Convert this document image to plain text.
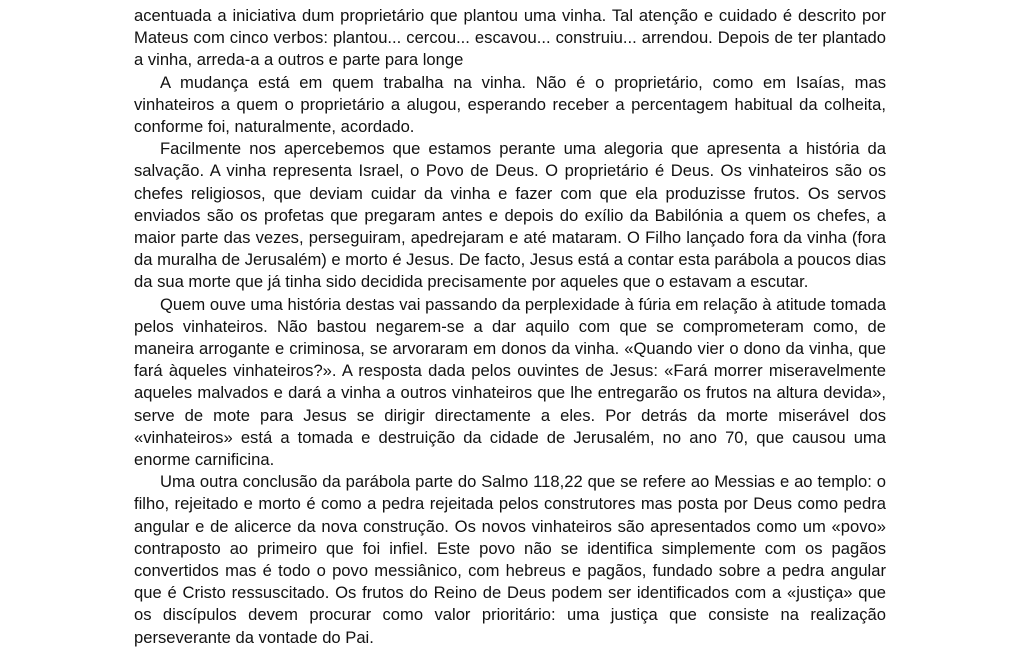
acentuada a iniciativa dum proprietário que plantou uma vinha. Tal atenção e cuidado é descrito por Mateus com cinco verbos: plantou... cercou... escavou... construiu... arrendou. Depois de ter plantado a vinha, arreda-a a outros e parte para longe

A mudança está em quem trabalha na vinha. Não é o proprietário, como em Isaías, mas vinhateiros a quem o proprietário a alugou, esperando receber a percentagem habitual da colheita, conforme foi, naturalmente, acordado.

Facilmente nos apercebemos que estamos perante uma alegoria que apresenta a história da salvação. A vinha representa Israel, o Povo de Deus. O proprietário é Deus. Os vinhateiros são os chefes religiosos, que deviam cuidar da vinha e fazer com que ela produzisse frutos. Os servos enviados são os profetas que pregaram antes e depois do exílio da Babilónia a quem os chefes, a maior parte das vezes, perseguiram, apedrejaram e até mataram. O Filho lançado fora da vinha (fora da muralha de Jerusalém) e morto é Jesus. De facto, Jesus está a contar esta parábola a poucos dias da sua morte que já tinha sido decidida precisamente por aqueles que o estavam a escutar.

Quem ouve uma história destas vai passando da perplexidade à fúria em relação à atitude tomada pelos vinhateiros. Não bastou negarem-se a dar aquilo com que se comprometeram como, de maneira arrogante e criminosa, se arvoraram em donos da vinha. «Quando vier o dono da vinha, que fará àqueles vinhateiros?». A resposta dada pelos ouvintes de Jesus: «Fará morrer miseravelmente aqueles malvados e dará a vinha a outros vinhateiros que lhe entregarão os frutos na altura devida», serve de mote para Jesus se dirigir directamente a eles. Por detrás da morte miserável dos «vinhateiros» está a tomada e destruição da cidade de Jerusalém, no ano 70, que causou uma enorme carnificina.

Uma outra conclusão da parábola parte do Salmo 118,22 que se refere ao Messias e ao templo: o filho, rejeitado e morto é como a pedra rejeitada pelos construtores mas posta por Deus como pedra angular e de alicerce da nova construção. Os novos vinhateiros são apresentados como um «povo» contraposto ao primeiro que foi infiel. Este povo não se identifica simplemente com os pagãos convertidos mas é todo o povo messiânico, com hebreus e pagãos, fundado sobre a pedra angular que é Cristo ressuscitado. Os frutos do Reino de Deus podem ser identificados com a «justiça» que os discípulos devem procurar como valor prioritário: uma justiça que consiste na realização perseverante da vontade do Pai.
